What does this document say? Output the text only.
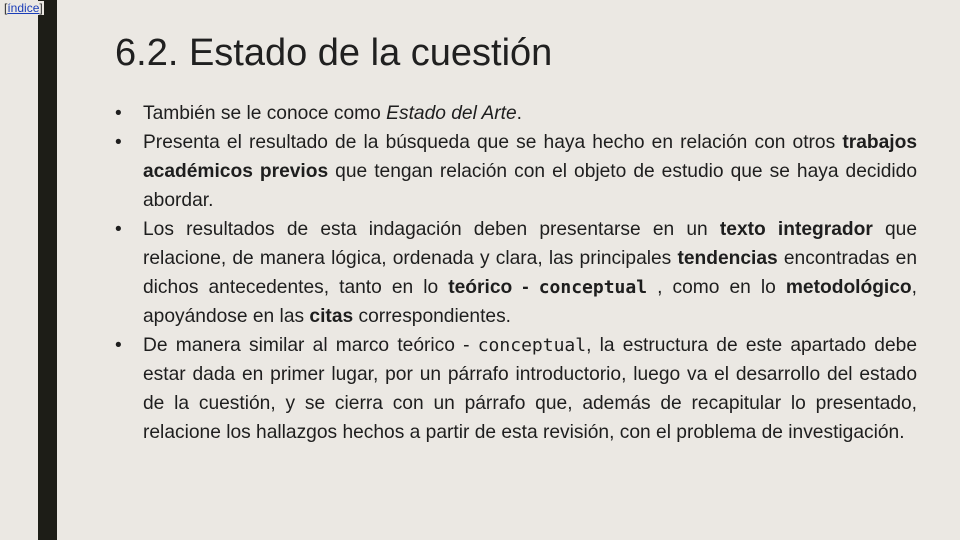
[índice]
6.2. Estado de la cuestión
• También se le conoce como Estado del Arte.
• Presenta el resultado de la búsqueda que se haya hecho en relación con otros trabajos académicos previos que tengan relación con el objeto de estudio que se haya decidido abordar.
• Los resultados de esta indagación deben presentarse en un texto integrador que relacione, de manera lógica, ordenada y clara, las principales tendencias encontradas en dichos antecedentes, tanto en lo teórico - conceptual , como en lo metodológico, apoyándose en las citas correspondientes.
• De manera similar al marco teórico - conceptual, la estructura de este apartado debe estar dada en primer lugar, por un párrafo introductorio, luego va el desarrollo del estado de la cuestión, y se cierra con un párrafo que, además de recapitular lo presentado, relacione los hallazgos hechos a partir de esta revisión, con el problema de investigación.
